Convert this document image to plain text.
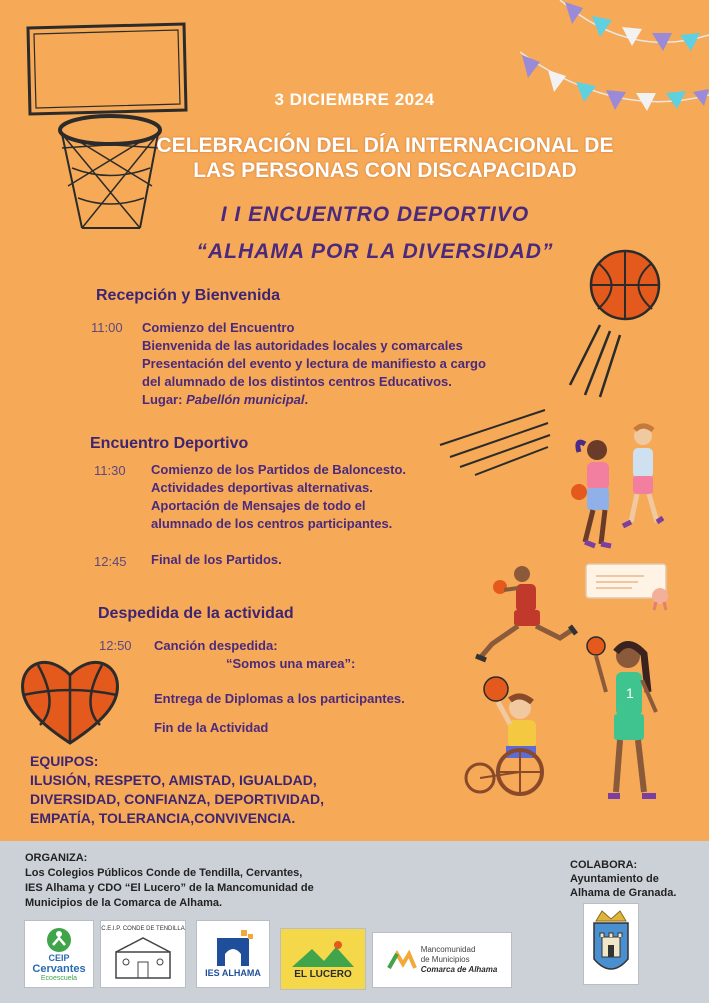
3 DICIEMBRE 2024
CELEBRACIÓN DEL DÍA INTERNACIONAL DE
LAS PERSONAS CON DISCAPACIDAD
I I ENCUENTRO DEPORTIVO
“ALHAMA POR LA DIVERSIDAD”
Recepción y Bienvenida
11:00 Comienzo del Encuentro
Bienvenida de las autoridades locales y comarcales
Presentación del evento y lectura de manifiesto a cargo
del alumnado de los distintos centros Educativos.
Lugar: Pabellón municipal.
Encuentro Deportivo
11:30 Comienzo de los Partidos de Baloncesto.
Actividades deportivas alternativas.
Aportación de Mensajes de todo el
alumnado de los centros participantes.
12:45 Final de los Partidos.
Despedida de la actividad
12:50 Canción despedida:
“Somos una marea”:
Entrega de Diplomas a los participantes.
Fin de la Actividad
1
EQUIPOS:
ILUSIÓN, RESPETO, AMISTAD, IGUALDAD,
DIVERSIDAD, CONFIANZA, DEPORTIVIDAD,
EMPATÍA, TOLERANCIA,CONVIVENCIA.
ORGANIZA:
Los Colegios Públicos Conde de Tendilla, Cervantes,
IES Alhama y CDO “El Lucero” de la Mancomunidad de
Municipios de la Comarca de Alhama.
COLABORA:
Ayuntamiento de
Alhama de Granada.
CEIP
Cervantes
Ecoescuela
C.E.I.P. CONDE DE TENDILLA
IES ALHAMA	EL LUCERO
Mancomunidad
de Municipios
Comarca de Alhama
